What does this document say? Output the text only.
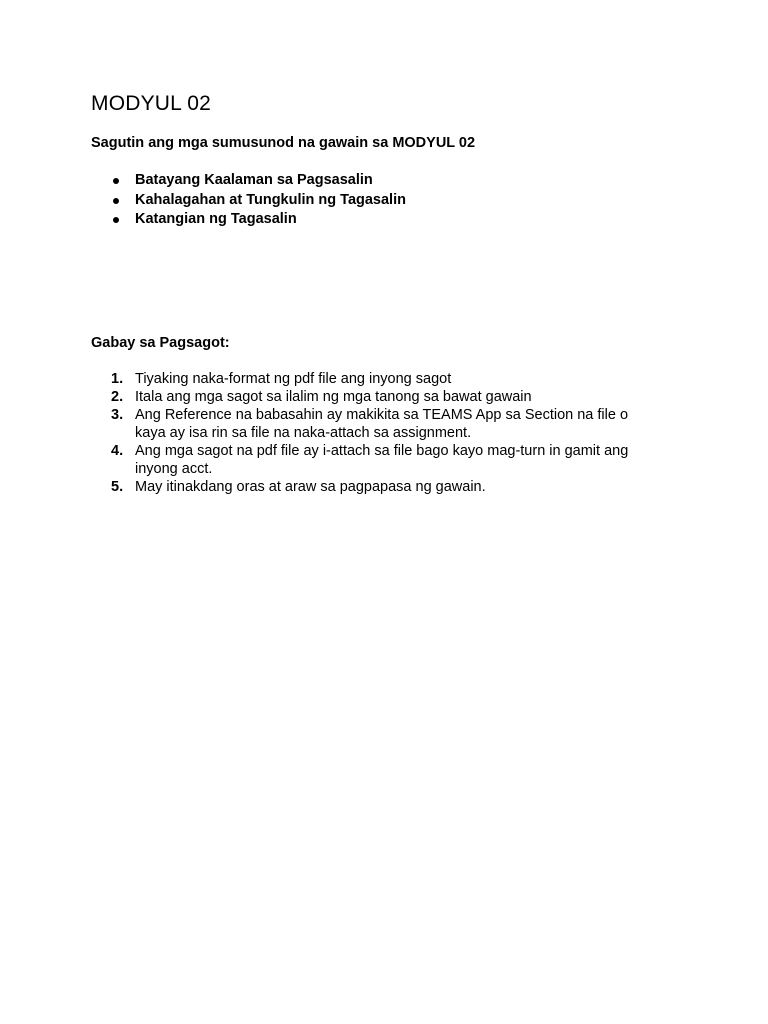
MODYUL 02

Sagutin ang mga sumusunod na gawain sa MODYUL 02

Batayang Kaalaman sa Pagsasalin
Kahalagahan at Tungkulin ng Tagasalin
Katangian ng Tagasalin

Gabay sa Pagsagot:

1. Tiyaking naka-format ng pdf file ang inyong sagot
2. Itala ang mga sagot sa ilalim ng mga tanong sa bawat gawain
3. Ang Reference na babasahin ay makikita sa TEAMS App sa Section na file o kaya ay isa rin sa file na naka-attach sa assignment.
4. Ang mga sagot na pdf file ay i-attach sa file bago kayo mag-turn in gamit ang inyong acct.
5. May itinakdang oras at araw sa pagpapasa ng gawain.
